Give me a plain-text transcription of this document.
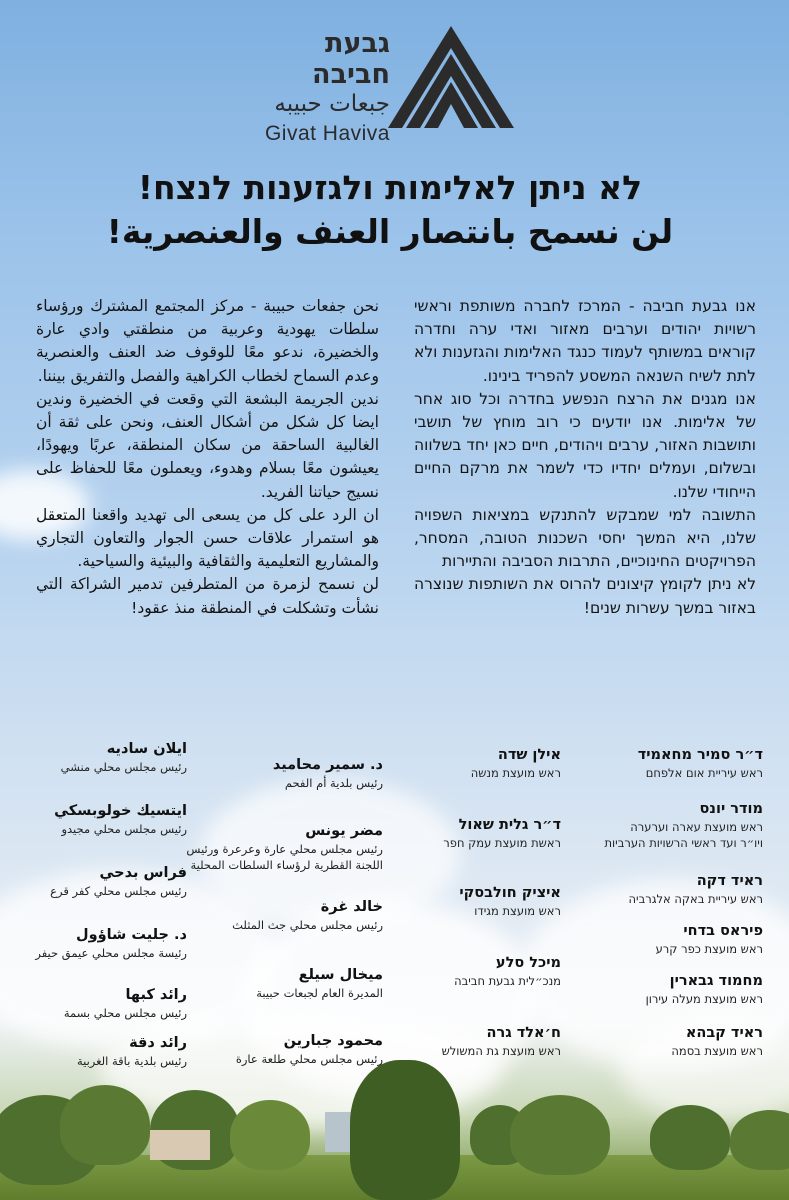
גבעת חביבה
جبعات حبيبه
Givat Haviva
לא ניתן לאלימות ולגזענות לנצח!
لن نسمح بانتصار العنف والعنصرية!

אנו גבעת חביבה - המרכז לחברה משותפת וראשי רשויות יהודים וערבים מאזור ואדי ערה וחדרה קוראים במשותף לעמוד כנגד האלימות והגזענות ולא לתת לשיח השנאה המשסע להפריד בינינו.

אנו מגנים את הרצח הנפשע בחדרה וכל סוג אחר של אלימות. אנו יודעים כי רוב מוחץ של תושבי ותושבות האזור, ערבים ויהודים, חיים כאן יחד בשלווה ובשלום, ועמלים יחדיו כדי לשמר את מרקם החיים הייחודי שלנו.

התשובה למי שמבקש להתנקש במציאות השפויה שלנו, היא המשך יחסי השכנות הטובה, המסחר, הפרויקטים החינוכיים, התרבות הסביבה והתיירות

לא ניתן לקומץ קיצונים להרוס את השותפות שנוצרה באזור במשך עשרות שנים!

نحن جفعات حبيبة - مركز المجتمع المشترك ورؤساء سلطات يهودية وعربية من منطقتي وادي عارة والخضيرة، ندعو معًا للوقوف ضد العنف والعنصرية وعدم السماح لخطاب الكراهية والفصل والتفريق بيننا.

ندين الجريمة البشعة التي وقعت في الخضيرة وندين ايضا كل شكل من أشكال العنف، ونحن على ثقة أن الغالبية الساحقة من سكان المنطقة، عربًا ويهودًا، يعيشون معًا بسلام وهدوء، ويعملون معًا للحفاظ على نسيج حياتنا الفريد.

ان الرد على كل من يسعى الى تهديد واقعنا المتعقل هو استمرار علاقات حسن الجوار والتعاون التجاري والمشاريع التعليمية والثقافية والبيئية والسياحية.

لن نسمح لزمرة من المتطرفين تدمير الشراكة التي نشأت وتشكلت في المنطقة منذ عقود!

ד״ר סמיר מחאמיד
ראש עיריית אום אלפחם
מודר יונס
ראש מועצת עארה וערערה
ויו״ר ועד ראשי הרשויות הערביות
ראיד דקה
ראש עיריית באקה אלגרביה
פיראס בדחי
ראש מועצת כפר קרע
מחמוד גבארין
ראש מועצת מעלה עירון
ראיד קבהא
ראש מועצת בסמה
אילן שדה
ראש מועצת מנשה
ד״ר גלית שאול
ראשת מועצת עמק חפר
איציק חולבסקי
ראש מועצת מגידו
מיכל סלע
מנכ״לית גבעת חביבה
ח׳אלד גרה
ראש מועצת גת המשולש
د. سمير محاميد
رئيس بلدية أم الفحم
مضر يونس
رئيس مجلس محلي عارة وعرعرة ورئيس
اللجنة القطرية لرؤساء السلطات المحلية
خالد غرة
رئيس مجلس محلي جث المثلث
ميخال سيلع
المديرة العام لجبعات حبيبة
محمود جبارين
رئيس مجلس محلي طلعة عارة
ايلان ساديه
رئيس مجلس محلي منشي
ايتسيك خولوبسكي
رئيس مجلس محلي مجيدو
فراس بدحي
رئيس مجلس محلي كفر قرع
د. جليت شاؤول
رئيسة مجلس محلي عيمق حيفر
رائد كبها
رئيس مجلس محلي بسمة
رائد دقة
رئيس بلدية باقة الغربية
